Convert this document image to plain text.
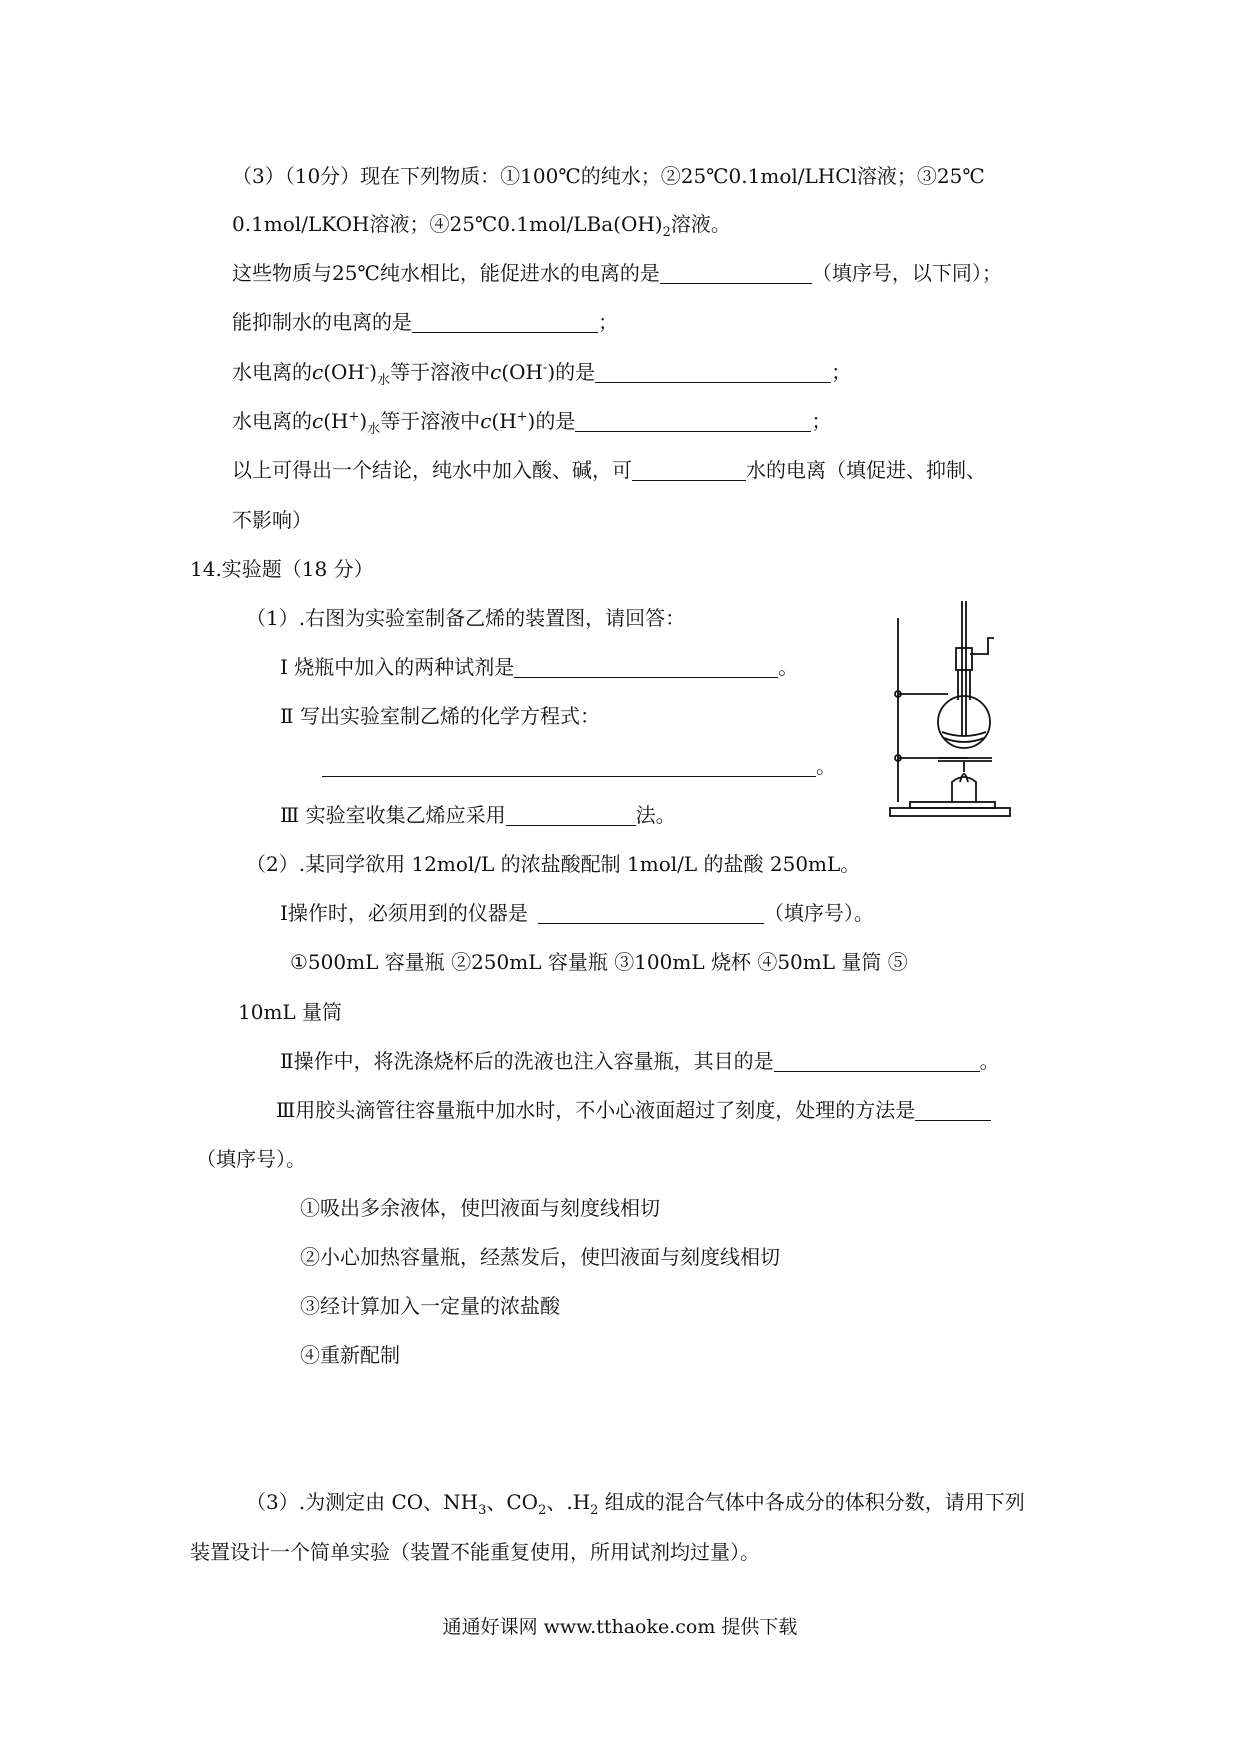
（3）（10分）现在下列物质：①100℃的纯水；②25℃0.1mol/LHCl溶液；③25℃
0.1mol/LKOH溶液；$④25℃0.1mol/LBa(OH)_2$溶液。
这些物质与25℃纯水相比，能促进水的电离的是	（填序号，以下同）；
能抑制水的电离的是	；
水电离的$c(OH^-)_水$等于溶液中c(OH-)的是	；
水电离的$c(H^+)_水$等于溶液中c(H+)的是	；
以上可得出一个结论，纯水中加入酸、碱，可	水的电离（填促进、抑制、
不影响）
14.实验题（18 分）
（1）.右图为实验室制备乙烯的装置图，请回答：
Ⅰ 烧瓶中加入的两种试剂是	。
Ⅱ 写出实验室制乙烯的化学方程式：
。
Ⅲ 实验室收集乙烯应采用	法。
（2）.某同学欲用 12mol/L 的浓盐酸配制 1mol/L 的盐酸 250mL。
Ⅰ操作时，必须用到的仪器是	（填序号）。
①500mL 容量瓶 ②250mL 容量瓶 ③100mL 烧杯 ④50mL 量筒 ⑤
10mL 量筒
Ⅱ操作中，将洗涤烧杯后的洗液也注入容量瓶，其目的是	。
Ⅲ用胶头滴管往容量瓶中加水时，不小心液面超过了刻度，处理的方法是
（填序号）。
①吸出多余液体，使凹液面与刻度线相切
②小心加热容量瓶，经蒸发后，使凹液面与刻度线相切
③经计算加入一定量的浓盐酸
④重新配制
（3）.为测定由 CO、$NH_3$、$CO_2$、$.H_2$ 组成的混合气体中各成分的体积分数，请用下列
装置设计一个简单实验（装置不能重复使用，所用试剂均过量）。
通通好课网 www.tthaoke.com 提供下载
